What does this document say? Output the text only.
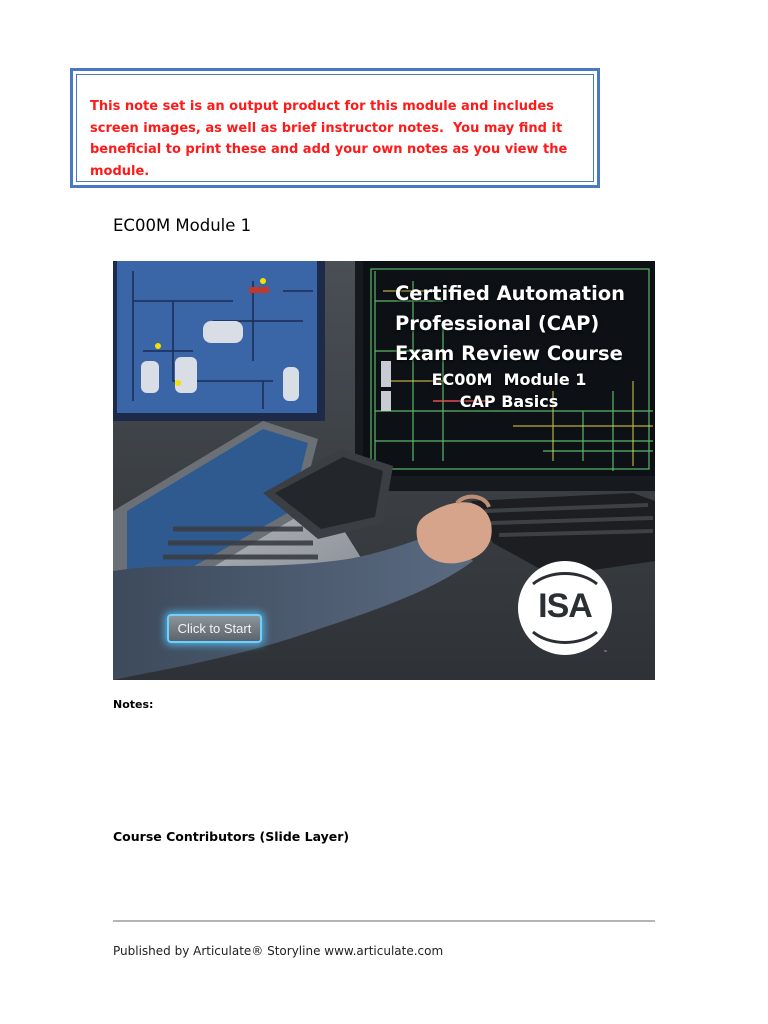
This note set is an output product for this module and includes
screen images, as well as brief instructor notes.  You may find it
beneficial to print these and add your own notes as you view the
module.
EC00M Module 1
Certified Automation
Professional (CAP)
Exam Review Course
EC00M  Module 1
CAP Basics
Click to Start
ISA
™
Notes:
Course Contributors (Slide Layer)
Published by Articulate® Storyline www.articulate.com
